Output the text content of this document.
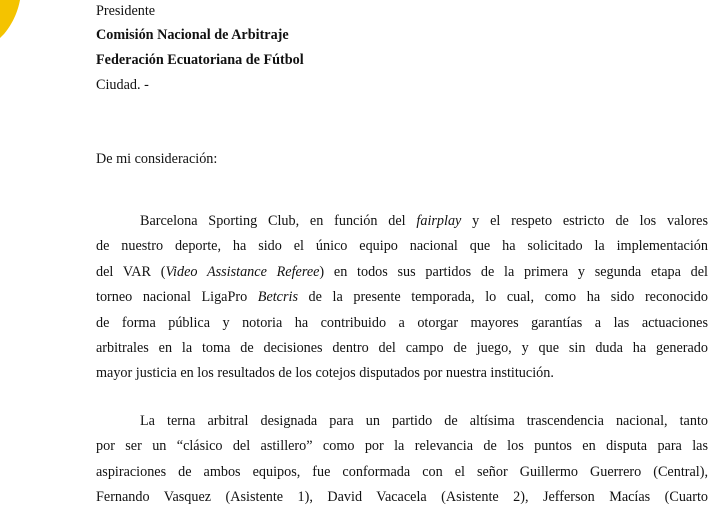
Presidente
Comisión Nacional de Arbitraje
Federación Ecuatoriana de Fútbol
Ciudad. -
De mi consideración:
Barcelona Sporting Club, en función del fairplay y el respeto estricto de los valores
de nuestro deporte, ha sido el único equipo nacional que ha solicitado la implementación
del VAR (Video Assistance Referee) en todos sus partidos de la primera y segunda etapa del
torneo nacional LigaPro Betcris de la presente temporada, lo cual, como ha sido reconocido
de forma pública y notoria ha contribuido a otorgar mayores garantías a las actuaciones
arbitrales en la toma de decisiones dentro del campo de juego, y que sin duda ha generado
mayor justicia en los resultados de los cotejos disputados por nuestra institución.
La terna arbitral designada para un partido de altísima trascendencia nacional, tanto
por ser un “clásico del astillero” como por la relevancia de los puntos en disputa para las
aspiraciones de ambos equipos, fue conformada con el señor Guillermo Guerrero (Central),
Fernando Vasquez (Asistente 1), David Vacacela (Asistente 2), Jefferson Macías (Cuarto
